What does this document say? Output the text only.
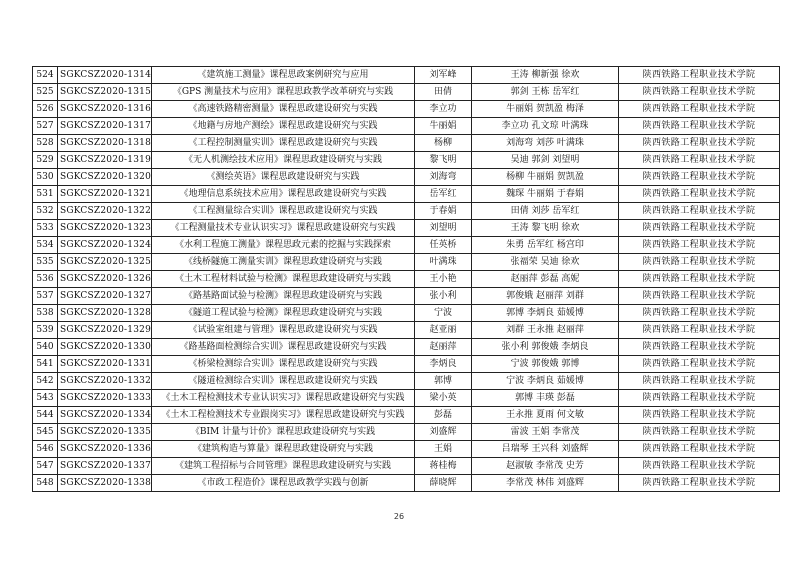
524	SGKCSZ2020-1314	《建筑施工测量》课程思政案例研究与应用	刘军峰	王涛 柳新强 徐欢	陕西铁路工程职业技术学院
525	SGKCSZ2020-1315	《GPS 测量技术与应用》课程思政教学改革研究与实践	田倩	郭剑 王栋 岳军红	陕西铁路工程职业技术学院
526	SGKCSZ2020-1316	《高速铁路精密测量》课程思政建设研究与实践	李立功	牛丽娟 贺凯盈 梅泽	陕西铁路工程职业技术学院
527	SGKCSZ2020-1317	《地籍与房地产测绘》课程思政建设研究与实践	牛丽娟	李立功 孔文琼 叶满珠	陕西铁路工程职业技术学院
528	SGKCSZ2020-1318	《工程控制测量实训》课程思政建设研究与实践	杨柳	刘海弯 刘莎 叶满珠	陕西铁路工程职业技术学院
529	SGKCSZ2020-1319	《无人机测绘技术应用》课程思政建设研究与实践	黎飞明	吴迪 郭剑 刘望明	陕西铁路工程职业技术学院
530	SGKCSZ2020-1320	《测绘英语》课程思政建设研究与实践	刘海弯	杨柳 牛丽娟 贺凯盈	陕西铁路工程职业技术学院
531	SGKCSZ2020-1321	《地理信息系统技术应用》课程思政建设研究与实践	岳军红	魏琛 牛丽娟 于春娟	陕西铁路工程职业技术学院
532	SGKCSZ2020-1322	《工程测量综合实训》课程思政建设研究与实践	于春娟	田倩 刘莎 岳军红	陕西铁路工程职业技术学院
533	SGKCSZ2020-1323	《工程测量技术专业认识实习》课程思政建设研究与实践	刘望明	王涛 黎飞明 徐欢	陕西铁路工程职业技术学院
534	SGKCSZ2020-1324	《水利工程施工测量》课程思政元素的挖掘与实践探索	任英桥	朱勇 岳军红 杨宫印	陕西铁路工程职业技术学院
535	SGKCSZ2020-1325	《线桥隧施工测量实训》课程思政建设研究与实践	叶满珠	张福荣 吴迪 徐欢	陕西铁路工程职业技术学院
536	SGKCSZ2020-1326	《土木工程材料试验与检测》课程思政建设研究与实践	王小艳	赵丽萍 彭磊 高妮	陕西铁路工程职业技术学院
537	SGKCSZ2020-1327	《路基路面试验与检测》课程思政建设研究与实践	张小利	郭俊娥 赵丽萍 刘群	陕西铁路工程职业技术学院
538	SGKCSZ2020-1328	《隧道工程试验与检测》课程思政建设研究与实践	宁波	郭博 李炳良 茹媛博	陕西铁路工程职业技术学院
539	SGKCSZ2020-1329	《试验室组建与管理》课程思政建设研究与实践	赵亚丽	刘群 王永推 赵丽萍	陕西铁路工程职业技术学院
540	SGKCSZ2020-1330	《路基路面检测综合实训》课程思政建设研究与实践	赵丽萍	张小利 郭俊娥 李炳良	陕西铁路工程职业技术学院
541	SGKCSZ2020-1331	《桥梁检测综合实训》课程思政建设研究与实践	李炳良	宁波 郭俊娥 郭博	陕西铁路工程职业技术学院
542	SGKCSZ2020-1332	《隧道检测综合实训》课程思政建设研究与实践	郭博	宁波 李炳良 茹媛博	陕西铁路工程职业技术学院
543	SGKCSZ2020-1333	《土木工程检测技术专业认识实习》课程思政建设研究与实践	梁小英	郭博 丰瑛 彭磊	陕西铁路工程职业技术学院
544	SGKCSZ2020-1334	《土木工程检测技术专业跟岗实习》课程思政建设研究与实践	彭磊	王永推 夏雨 何文敏	陕西铁路工程职业技术学院
545	SGKCSZ2020-1335	《BIM 计量与计价》课程思政建设研究与实践	刘盛辉	雷波 王娟 李常茂	陕西铁路工程职业技术学院
546	SGKCSZ2020-1336	《建筑构造与算量》课程思政建设研究与实践	王娟	吕瑞琴 王兴科 刘盛辉	陕西铁路工程职业技术学院
547	SGKCSZ2020-1337	《建筑工程招标与合同管理》课程思政建设研究与实践	蒋桂梅	赵淑敏 李常茂 史芳	陕西铁路工程职业技术学院
548	SGKCSZ2020-1338	《市政工程造价》课程思政教学实践与创新	薛晓辉	李常茂 林伟 刘盛辉	陕西铁路工程职业技术学院
26
